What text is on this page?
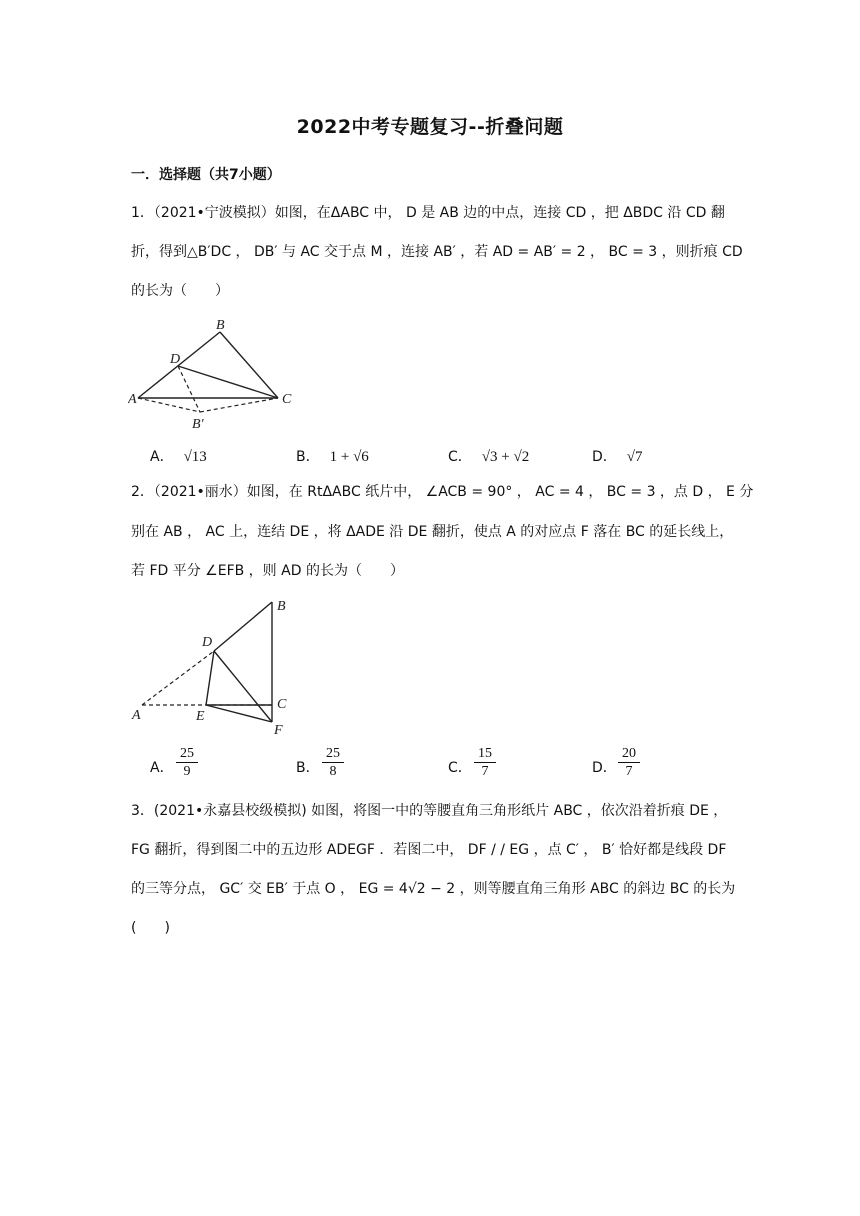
2022中考专题复习--折叠问题
一．选择题（共7小题）
1．（2021•宁波模拟）如图，在ΔABC 中， D 是 AB 边的中点，连接 CD ，把 ΔBDC 沿 CD 翻
折，得到△B′DC ， DB′ 与 AC 交于点 M ，连接 AB′ ，若 AD = AB′ = 2 ， BC = 3 ，则折痕 CD
的长为（　　）
B
D
A	C
B′
A． √13	B． 1 + √6	C． √3 + √2	D． √7
2．（2021•丽水）如图，在 RtΔABC 纸片中， ∠ACB = 90° ， AC = 4 ， BC = 3 ，点 D ， E 分
别在 AB ， AC 上，连结 DE ，将 ΔADE 沿 DE 翻折，使点 A 的对应点 F 落在 BC 的延长线上，
若 FD 平分 ∠EFB ，则 AD 的长为（　　）
B
D
C
A	E
F
A． $\frac{25}{9}$	B． $\frac{25}{8}$	C． $\frac{15}{7}$	D． $\frac{20}{7}$
3．(2021•永嘉县校级模拟) 如图，将图一中的等腰直角三角形纸片 ABC ，依次沿着折痕 DE ，
FG 翻折，得到图二中的五边形 ADEGF ．若图二中， DF / / EG ，点 C′ ， B′ 恰好都是线段 DF
的三等分点， GC′ 交 EB′ 于点 O ， EG = 4√2 − 2 ，则等腰直角三角形 ABC 的斜边 BC 的长为
(　　)
